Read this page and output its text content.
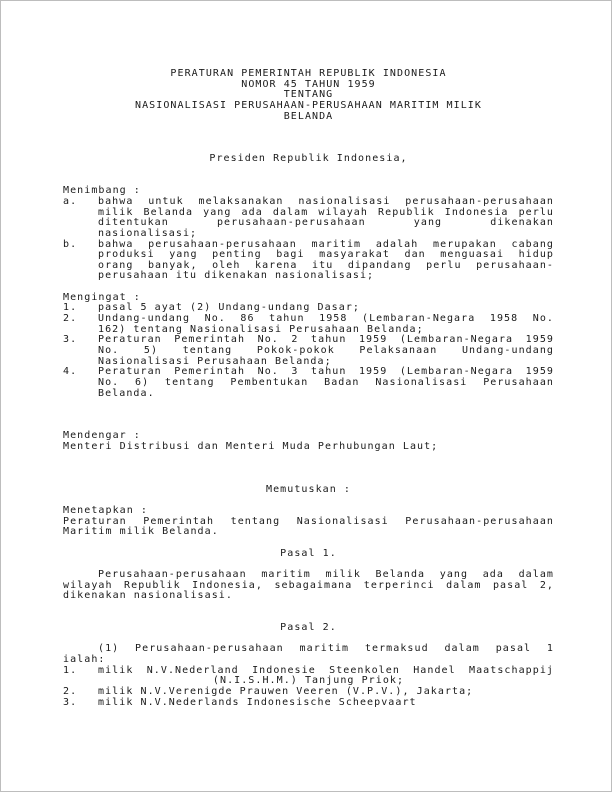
PERATURAN PEMERINTAH REPUBLIK INDONESIA
NOMOR 45 TAHUN 1959
TENTANG
NASIONALISASI PERUSAHAAN-PERUSAHAAN MARITIM MILIK
BELANDA
Presiden Republik Indonesia,
Menimbang :
a. bahwa untuk melaksanakan nasionalisasi perusahaan-perusahaan
milik Belanda yang ada dalam wilayah Republik Indonesia perlu
ditentukan perusahaan-perusahaan yang dikenakan
nasionalisasi;
b. bahwa perusahaan-perusahaan maritim adalah merupakan cabang
produksi yang penting bagi masyarakat dan menguasai hidup
orang banyak, oleh karena itu dipandang perlu perusahaan-
perusahaan itu dikenakan nasionalisasi;
Mengingat :
1. pasal 5 ayat (2) Undang-undang Dasar;
2. Undang-undang No. 86 tahun 1958 (Lembaran-Negara 1958 No.
162) tentang Nasionalisasi Perusahaan Belanda;
3. Peraturan Pemerintah No. 2 tahun 1959 (Lembaran-Negara 1959
No. 5) tentang Pokok-pokok Pelaksanaan Undang-undang
Nasionalisasi Perusahaan Belanda;
4. Peraturan Pemerintah No. 3 tahun 1959 (Lembaran-Negara 1959
No. 6) tentang Pembentukan Badan Nasionalisasi Perusahaan
Belanda.
Mendengar :
Menteri Distribusi dan Menteri Muda Perhubungan Laut;
Memutuskan :
Menetapkan :
Peraturan Pemerintah tentang Nasionalisasi Perusahaan-perusahaan
Maritim milik Belanda.
Pasal 1.
Perusahaan-perusahaan maritim milik Belanda yang ada dalam
wilayah Republik Indonesia, sebagaimana terperinci dalam pasal 2,
dikenakan nasionalisasi.
Pasal 2.
(1) Perusahaan-perusahaan maritim termaksud dalam pasal 1
ialah:
1. milik N.V.Nederland Indonesie Steenkolen Handel Maatschappij
(N.I.S.H.M.) Tanjung Priok;
2. milik N.V.Verenigde Prauwen Veeren (V.P.V.), Jakarta;
3. milik N.V.Nederlands Indonesische Scheepvaart
